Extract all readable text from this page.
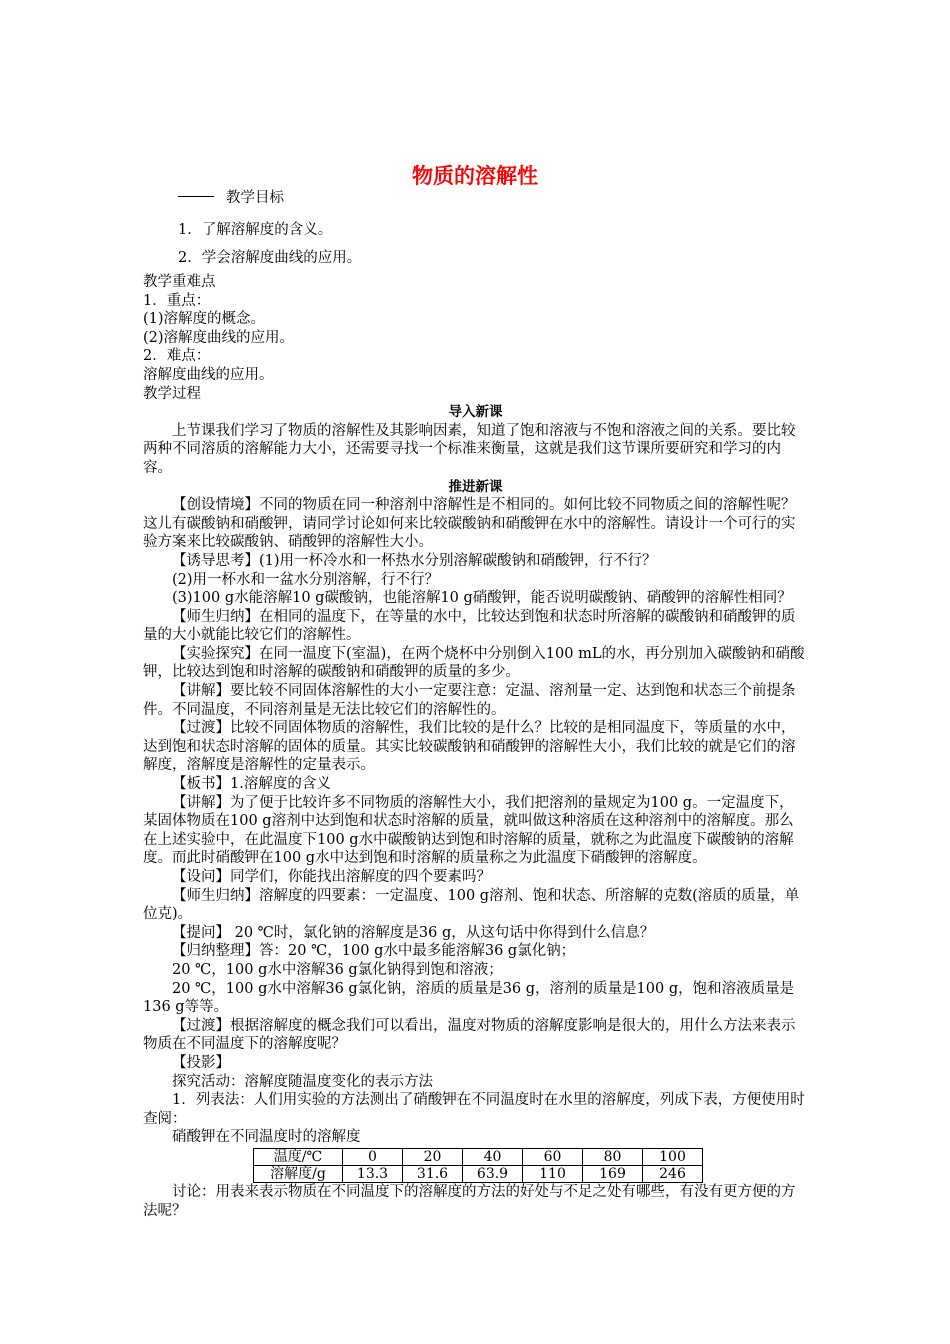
物质的溶解性
教学目标
1．了解溶解度的含义。
2．学会溶解度曲线的应用。

教学重难点

1．重点：

(1)溶解度的概念。

(2)溶解度曲线的应用。

2．难点：

溶解度曲线的应用。

教学过程

导入新课

上节课我们学习了物质的溶解性及其影响因素，知道了饱和溶液与不饱和溶液之间的关系。要比较两种不同溶质的溶解能力大小，还需要寻找一个标准来衡量，这就是我们这节课所要研究和学习的内容。

推进新课

【创设情境】不同的物质在同一种溶剂中溶解性是不相同的。如何比较不同物质之间的溶解性呢？这儿有碳酸钠和硝酸钾，请同学讨论如何来比较碳酸钠和硝酸钾在水中的溶解性。请设计一个可行的实验方案来比较碳酸钠、硝酸钾的溶解性大小。

【诱导思考】(1)用一杯冷水和一杯热水分别溶解碳酸钠和硝酸钾，行不行？

(2)用一杯水和一盆水分别溶解，行不行？

(3)100 g水能溶解10 g碳酸钠，也能溶解10 g硝酸钾，能否说明碳酸钠、硝酸钾的溶解性相同？

【师生归纳】在相同的温度下，在等量的水中，比较达到饱和状态时所溶解的碳酸钠和硝酸钾的质量的大小就能比较它们的溶解性。

【实验探究】在同一温度下(室温)，在两个烧杯中分别倒入100 mL的水，再分别加入碳酸钠和硝酸钾，比较达到饱和时溶解的碳酸钠和硝酸钾的质量的多少。

【讲解】要比较不同固体溶解性的大小一定要注意：定温、溶剂量一定、达到饱和状态三个前提条件。不同温度，不同溶剂量是无法比较它们的溶解性的。

【过渡】比较不同固体物质的溶解性，我们比较的是什么？比较的是相同温度下，等质量的水中，达到饱和状态时溶解的固体的质量。其实比较碳酸钠和硝酸钾的溶解性大小，我们比较的就是它们的溶解度，溶解度是溶解性的定量表示。

【板书】1.溶解度的含义

【讲解】为了便于比较许多不同物质的溶解性大小，我们把溶剂的量规定为100 g。一定温度下，某固体物质在100 g溶剂中达到饱和状态时溶解的质量，就叫做这种溶质在这种溶剂中的溶解度。那么在上述实验中，在此温度下100 g水中碳酸钠达到饱和时溶解的质量，就称之为此温度下碳酸钠的溶解度。而此时硝酸钾在100 g水中达到饱和时溶解的质量称之为此温度下硝酸钾的溶解度。

【设问】同学们，你能找出溶解度的四个要素吗？

【师生归纳】溶解度的四要素：一定温度、100 g溶剂、饱和状态、所溶解的克数(溶质的质量，单位克)。

【提问】 20 ℃时，氯化钠的溶解度是36 g，从这句话中你得到什么信息？

【归纳整理】答：20 ℃，100 g水中最多能溶解36 g氯化钠；

20 ℃，100 g水中溶解36 g氯化钠得到饱和溶液；

20 ℃，100 g水中溶解36 g氯化钠，溶质的质量是36 g，溶剂的质量是100 g，饱和溶液质量是136 g等等。

【过渡】根据溶解度的概念我们可以看出，温度对物质的溶解度影响是很大的，用什么方法来表示物质在不同温度下的溶解度呢？

【投影】

探究活动：溶解度随温度变化的表示方法

1．列表法：人们用实验的方法测出了硝酸钾在不同温度时在水里的溶解度，列成下表，方便使用时查阅：

硝酸钾在不同温度时的溶解度

温度/℃	0	20	40	60	80	100
溶解度/g	13.3	31.6	63.9	110	169	246

讨论：用表来表示物质在不同温度下的溶解度的方法的好处与不足之处有哪些，有没有更方便的方法呢？
